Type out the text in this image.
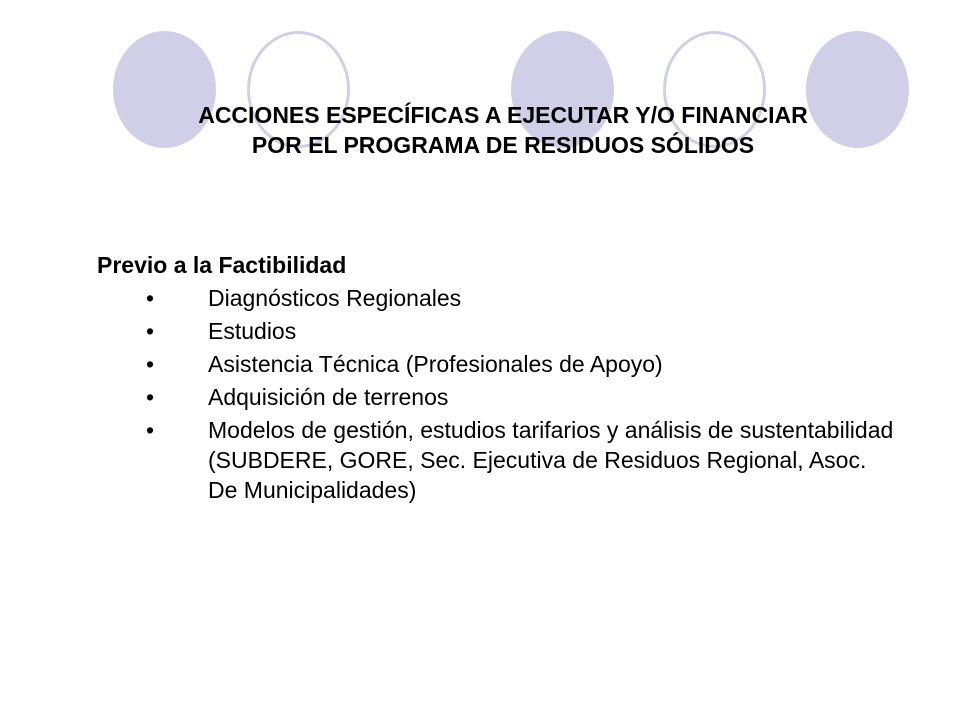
ACCIONES ESPECÍFICAS A EJECUTAR Y/O FINANCIAR
POR EL PROGRAMA DE RESIDUOS SÓLIDOS

Previo a la Factibilidad

• Diagnósticos Regionales
• Estudios
• Asistencia Técnica (Profesionales de Apoyo)
• Adquisición de terrenos
• Modelos de gestión, estudios tarifarios y análisis de sustentabilidad (SUBDERE, GORE, Sec. Ejecutiva de Residuos Regional, Asoc. De Municipalidades)
